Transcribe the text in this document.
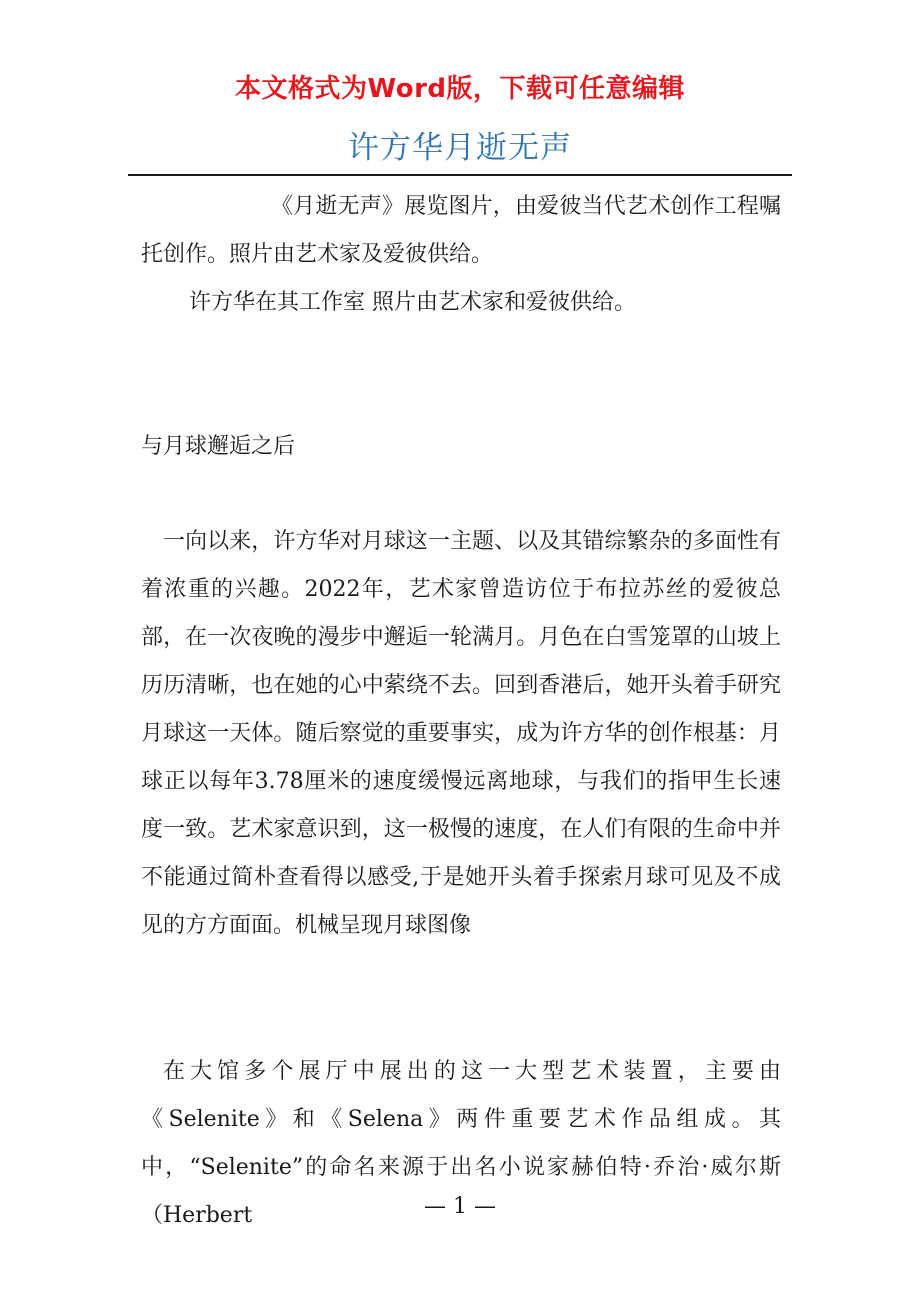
本文格式为Word版，下载可任意编辑
许方华月逝无声
《月逝无声》展览图片，由爱彼当代艺术创作工程嘱托创作。照片由艺术家及爱彼供给。
许方华在其工作室 照片由艺术家和爱彼供给。
与月球邂逅之后
一向以来，许方华对月球这一主题、以及其错综繁杂的多面性有着浓重的兴趣。2022年，艺术家曾造访位于布拉苏丝的爱彼总部，在一次夜晚的漫步中邂逅一轮满月。月色在白雪笼罩的山坡上历历清晰，也在她的心中萦绕不去。回到香港后，她开头着手研究月球这一天体。随后察觉的重要事实，成为许方华的创作根基：月球正以每年3.78厘米的速度缓慢远离地球，与我们的指甲生长速度一致。艺术家意识到，这一极慢的速度，在人们有限的生命中并不能通过简朴查看得以感受,于是她开头着手探索月球可见及不成见的方方面面。机械呈现月球图像
在大馆多个展厅中展出的这一大型艺术装置，主要由《Selenite》和《Selena》两件重要艺术作品组成。其中，“Selenite”的命名来源于出名小说家赫伯特·乔治·威尔斯（Herbert	— 1 —
